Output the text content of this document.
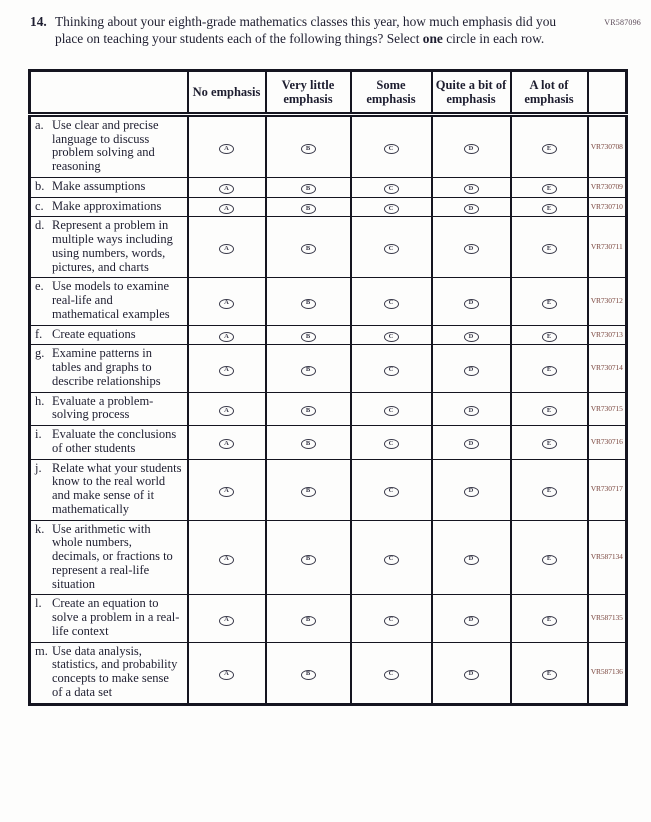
VR587096
14. Thinking about your eighth-grade mathematics classes this year, how much emphasis did you place on teaching your students each of the following things? Select one circle in each row.
	No emphasis	Very little emphasis	Some emphasis	Quite a bit of emphasis	A lot of emphasis	

a. Use clear and precise language to discuss problem solving and reasoning	A	B	C	D	E	VR730708

b. Make assumptions	A	B	C	D	E	VR730709

c. Make approximations	A	B	C	D	E	VR730710

d. Represent a problem in multiple ways including using numbers, words, pictures, and charts	A	B	C	D	E	VR730711

e. Use models to examine real-life and mathematical examples	A	B	C	D	E	VR730712

f. Create equations	A	B	C	D	E	VR730713

g. Examine patterns in tables and graphs to describe relationships	A	B	C	D	E	VR730714

h. Evaluate a problem-solving process	A	B	C	D	E	VR730715

i. Evaluate the conclusions of other students	A	B	C	D	E	VR730716

j. Relate what your students know to the real world and make sense of it mathematically	A	B	C	D	E	VR730717

k. Use arithmetic with whole numbers, decimals, or fractions to represent a real-life situation	A	B	C	D	E	VR587134

l. Create an equation to solve a problem in a real-life context	A	B	C	D	E	VR587135

m. Use data analysis, statistics, and probability concepts to make sense of a data set	A	B	C	D	E	VR587136
